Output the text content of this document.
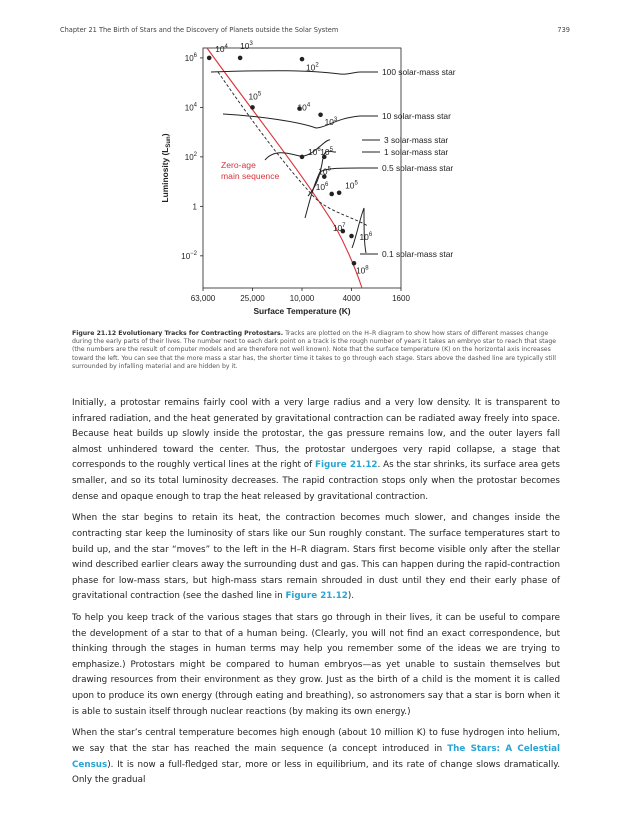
Chapter 21 The Birth of Stars and the Discovery of Planets outside the Solar System	739
Luminosity $(L_{Sun})$
Surface Temperature (K)
Zero-age
main sequence
$10^4$ $10^3$
$10^2$
$10^5$
$10^4$
$10^3$
$10^6$ $10^5$
$10^6$ $10^5$
$10^5$
$10^7$
$10^6$
$10^8$
100 solar-mass star
10 solar-mass star
3 solar-mass star
1 solar-mass star
0.5 solar-mass star
0.1 solar-mass star
$10^6$
$10^4$
$10^2$
1
$10^{-2}$
63,000	25,000	10,000	4000	1600
Figure 21.12 Evolutionary Tracks for Contracting Protostars. Tracks are plotted on the H–R diagram to show how stars of different masses change during the early parts of their lives. The number next to each dark point on a track is the rough number of years it takes an embryo star to reach that stage (the numbers are the result of computer models and are therefore not well known). Note that the surface temperature (K) on the horizontal axis increases toward the left. You can see that the more mass a star has, the shorter time it takes to go through each stage. Stars above the dashed line are typically still surrounded by infalling material and are hidden by it.

Initially, a protostar remains fairly cool with a very large radius and a very low density. It is transparent to infrared radiation, and the heat generated by gravitational contraction can be radiated away freely into space. Because heat builds up slowly inside the protostar, the gas pressure remains low, and the outer layers fall almost unhindered toward the center. Thus, the protostar undergoes very rapid collapse, a stage that corresponds to the roughly vertical lines at the right of Figure 21.12. As the star shrinks, its surface area gets smaller, and so its total luminosity decreases. The rapid contraction stops only when the protostar becomes dense and opaque enough to trap the heat released by gravitational contraction.

When the star begins to retain its heat, the contraction becomes much slower, and changes inside the contracting star keep the luminosity of stars like our Sun roughly constant. The surface temperatures start to build up, and the star “moves” to the left in the H–R diagram. Stars first become visible only after the stellar wind described earlier clears away the surrounding dust and gas. This can happen during the rapid-contraction phase for low-mass stars, but high-mass stars remain shrouded in dust until they end their early phase of gravitational contraction (see the dashed line in Figure 21.12).

To help you keep track of the various stages that stars go through in their lives, it can be useful to compare the development of a star to that of a human being. (Clearly, you will not find an exact correspondence, but thinking through the stages in human terms may help you remember some of the ideas we are trying to emphasize.) Protostars might be compared to human embryos—as yet unable to sustain themselves but drawing resources from their environment as they grow. Just as the birth of a child is the moment it is called upon to produce its own energy (through eating and breathing), so astronomers say that a star is born when it is able to sustain itself through nuclear reactions (by making its own energy.)

When the star’s central temperature becomes high enough (about 10 million K) to fuse hydrogen into helium, we say that the star has reached the main sequence (a concept introduced in The Stars: A Celestial Census). It is now a full-fledged star, more or less in equilibrium, and its rate of change slows dramatically. Only the gradual
